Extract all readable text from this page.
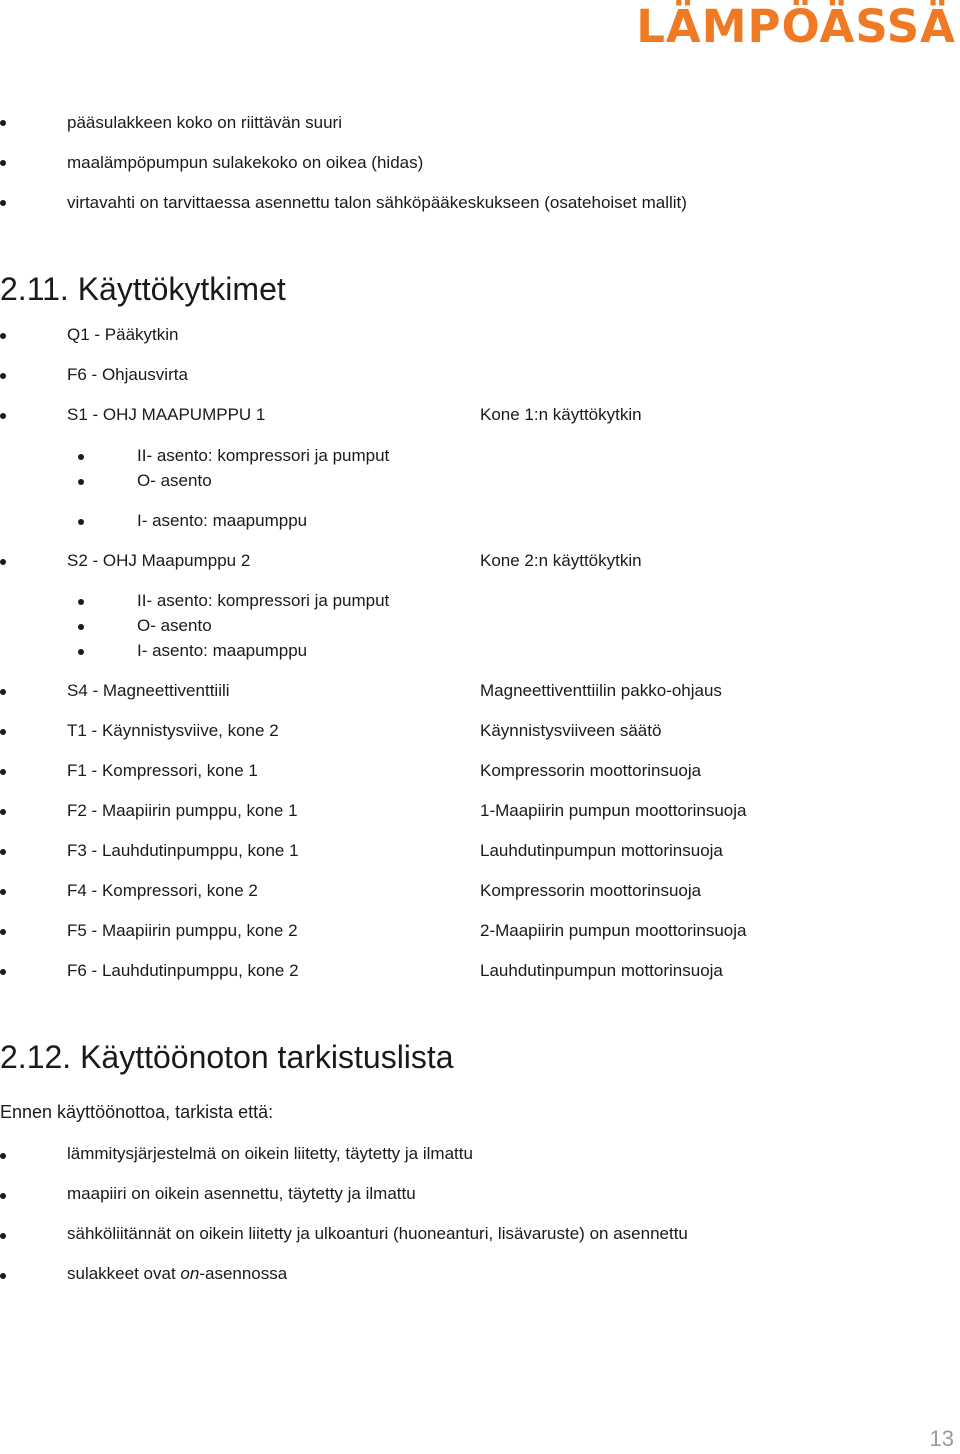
LÄMPÖÄSSÄ
pääsulakkeen koko on riittävän suuri
maalämpöpumpun sulakekoko on oikea (hidas)
virtavahti on tarvittaessa asennettu talon sähköpääkeskukseen (osatehoiset mallit)
2.11. Käyttökytkimet
Q1 - Pääkytkin
F6 - Ohjausvirta
S1 - OHJ MAAPUMPPU 1	Kone 1:n käyttökytkin
II- asento: kompressori ja pumput
O- asento
I- asento: maapumppu
S2 - OHJ Maapumppu 2	Kone 2:n käyttökytkin
II- asento: kompressori ja pumput
O- asento
I- asento: maapumppu
S4 - Magneettiventtiili	Magneettiventtiilin pakko-ohjaus
T1 - Käynnistysviive, kone 2	Käynnistysviiveen säätö
F1 - Kompressori, kone 1	Kompressorin moottorinsuoja
F2 - Maapiirin pumppu, kone 1	1-Maapiirin pumpun moottorinsuoja
F3 - Lauhdutinpumppu, kone 1	Lauhdutinpumpun mottorinsuoja
F4 - Kompressori, kone 2	Kompressorin moottorinsuoja
F5 - Maapiirin pumppu, kone 2	2-Maapiirin pumpun moottorinsuoja
F6 - Lauhdutinpumppu, kone 2	Lauhdutinpumpun mottorinsuoja
2.12. Käyttöönoton tarkistuslista
Ennen käyttöönottoa, tarkista että:
lämmitysjärjestelmä on oikein liitetty, täytetty ja ilmattu
maapiiri on oikein asennettu, täytetty ja ilmattu
sähköliitännät on oikein liitetty ja ulkoanturi (huoneanturi, lisävaruste) on asennettu
sulakkeet ovat on-asennossa
13
